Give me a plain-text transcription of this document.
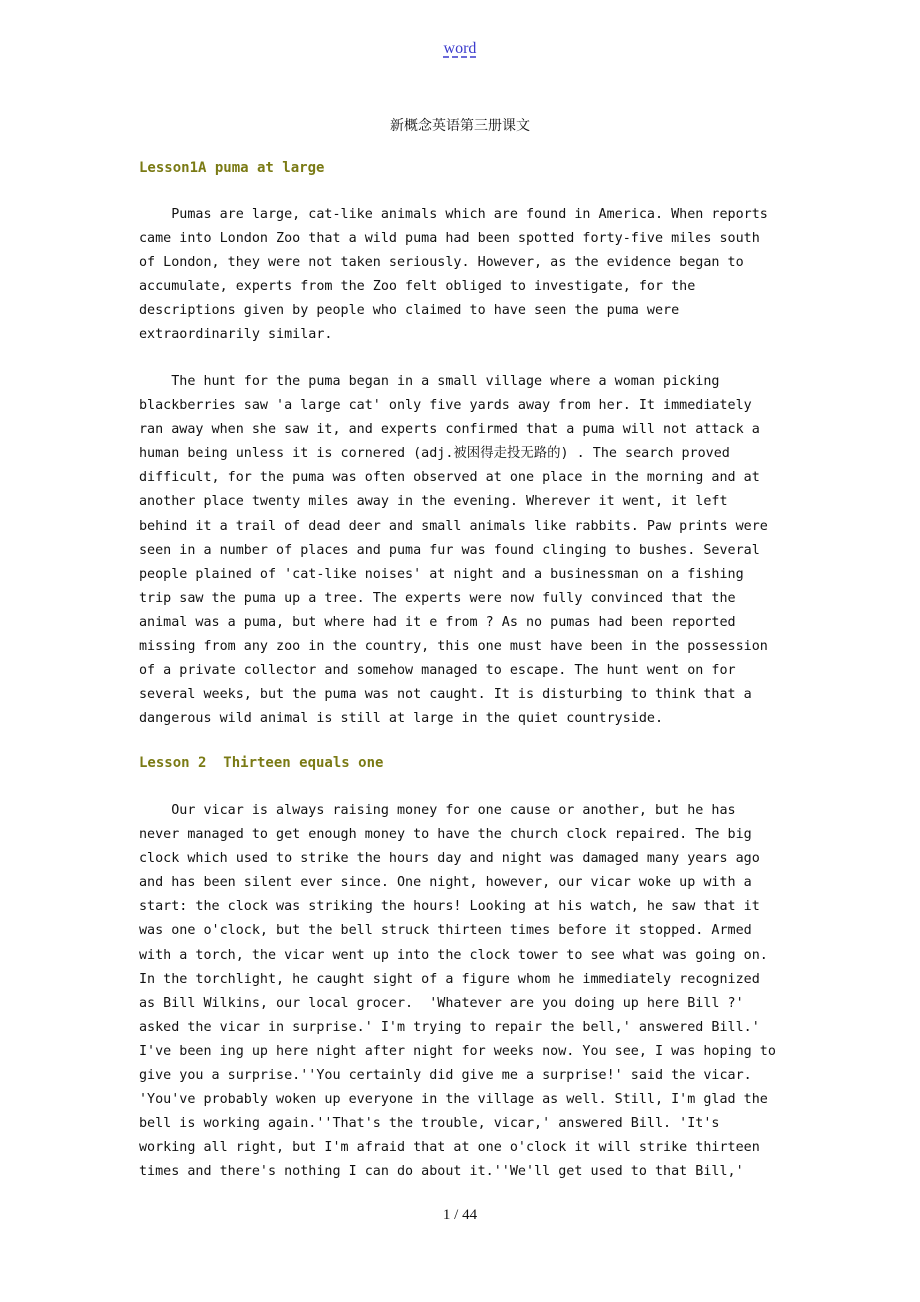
word
新概念英语第三册课文
Lesson1A puma at large
Pumas are large, cat-like animals which are found in America. When reports
came into London Zoo that a wild puma had been spotted forty-five miles south
of London, they were not taken seriously. However, as the evidence began to
accumulate, experts from the Zoo felt obliged to investigate, for the
descriptions given by people who claimed to have seen the puma were
extraordinarily similar.
The hunt for the puma began in a small village where a woman picking
blackberries saw 'a large cat' only five yards away from her. It immediately
ran away when she saw it, and experts confirmed that a puma will not attack a
human being unless it is cornered (adj.被困得走投无路的) . The search proved
difficult, for the puma was often observed at one place in the morning and at
another place twenty miles away in the evening. Wherever it went, it left
behind it a trail of dead deer and small animals like rabbits. Paw prints were
seen in a number of places and puma fur was found clinging to bushes. Several
people plained of 'cat-like noises' at night and a businessman on a fishing
trip saw the puma up a tree. The experts were now fully convinced that the
animal was a puma, but where had it e from ? As no pumas had been reported
missing from any zoo in the country, this one must have been in the possession
of a private collector and somehow managed to escape. The hunt went on for
several weeks, but the puma was not caught. It is disturbing to think that a
dangerous wild animal is still at large in the quiet countryside.
Lesson 2  Thirteen equals one
Our vicar is always raising money for one cause or another, but he has
never managed to get enough money to have the church clock repaired. The big
clock which used to strike the hours day and night was damaged many years ago
and has been silent ever since. One night, however, our vicar woke up with a
start: the clock was striking the hours! Looking at his watch, he saw that it
was one o'clock, but the bell struck thirteen times before it stopped. Armed
with a torch, the vicar went up into the clock tower to see what was going on.
In the torchlight, he caught sight of a figure whom he immediately recognized
as Bill Wilkins, our local grocer.  'Whatever are you doing up here Bill ?'
asked the vicar in surprise.' I'm trying to repair the bell,' answered Bill.'
I've been ing up here night after night for weeks now. You see, I was hoping to
give you a surprise.''You certainly did give me a surprise!' said the vicar.
'You've probably woken up everyone in the village as well. Still, I'm glad the
bell is working again.''That's the trouble, vicar,' answered Bill. 'It's
working all right, but I'm afraid that at one o'clock it will strike thirteen
times and there's nothing I can do about it.''We'll get used to that Bill,'
1 / 44
